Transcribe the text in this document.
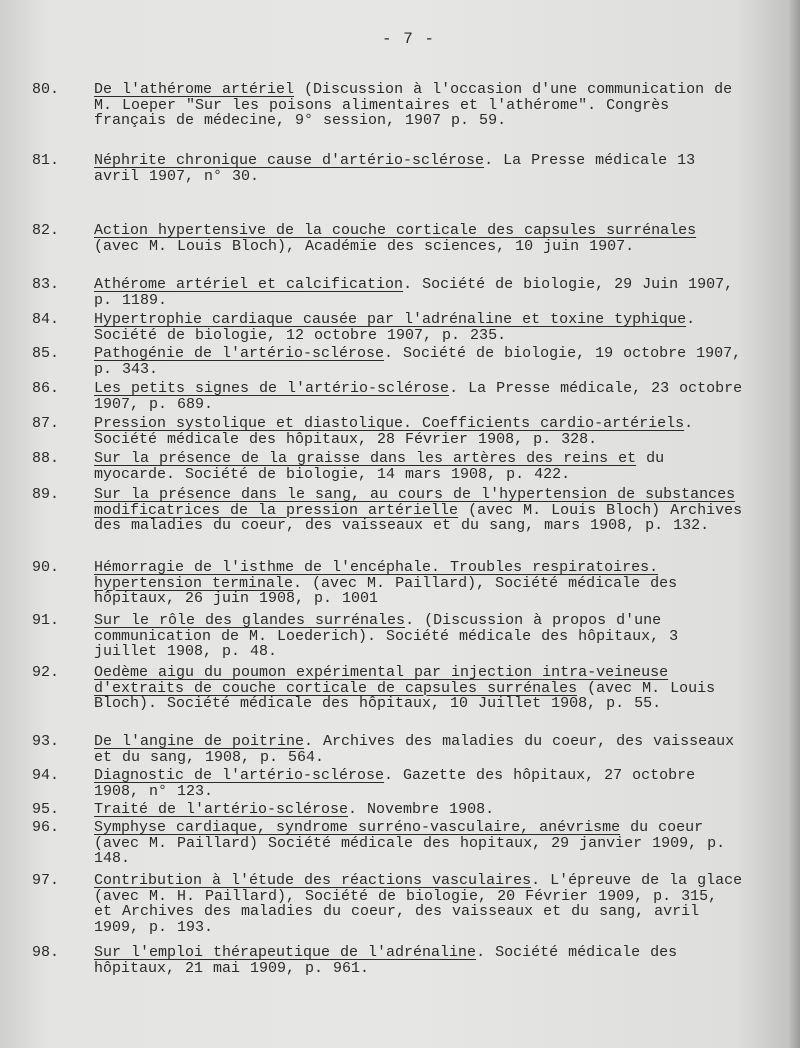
- 7 -
80.	De l'athérome artériel (Discussion à l'occasion d'une communication de M. Loeper "Sur les poisons alimentaires et l'athérome". Congrès français de médecine, 9° session, 1907 p. 59.
81.	Néphrite chronique cause d'artério-sclérose. La Presse médicale 13 avril 1907, n° 30.
82.	Action hypertensive de la couche corticale des capsules surrénales (avec M. Louis Bloch), Académie des sciences, 10 juin 1907.
83.	Athérome artériel et calcification. Société de biologie, 29 Juin 1907, p. 1189.
84.	Hypertrophie cardiaque causée par l'adrénaline et toxine typhique. Société de biologie, 12 octobre 1907, p. 235.
85.	Pathogénie de l'artério-sclérose. Société de biologie, 19 octobre 1907, p. 343.
86.	Les petits signes de l'artério-sclérose. La Presse médicale, 23 octobre 1907, p. 689.
87.	Pression systolique et diastolique. Coefficients cardio-artériels. Société médicale des hôpitaux, 28 Février 1908, p. 328.
88.	Sur la présence de la graisse dans les artères des reins et du myocarde. Société de biologie, 14 mars 1908, p. 422.
89.	Sur la présence dans le sang, au cours de l'hypertension de substances modificatrices de la pression artérielle (avec M. Louis Bloch) Archives des maladies du coeur, des vaisseaux et du sang, mars 1908, p. 132.
90.	Hémorragie de l'isthme de l'encéphale. Troubles respiratoires. hypertension terminale. (avec M. Paillard), Société médicale des hôpitaux, 26 juin 1908, p. 1001
91.	Sur le rôle des glandes surrénales. (Discussion à propos d'une communication de M. Loederich). Société médicale des hôpitaux, 3 juillet 1908, p. 48.
92.	Oedème aigu du poumon expérimental par injection intra-veineuse d'extraits de couche corticale de capsules surrénales (avec M. Louis Bloch). Société médicale des hôpitaux, 10 Juillet 1908, p. 55.
93.	De l'angine de poitrine. Archives des maladies du coeur, des vaisseaux et du sang, 1908, p. 564.
94.	Diagnostic de l'artério-sclérose. Gazette des hôpitaux, 27 octobre 1908, n° 123.
95.	Traité de l'artério-sclérose. Novembre 1908.
96.	Symphyse cardiaque, syndrome surréno-vasculaire, anévrisme du coeur (avec M. Paillard) Société médicale des hopitaux, 29 janvier 1909, p. 148.
97.	Contribution à l'étude des réactions vasculaires. L'épreuve de la glace (avec M. H. Paillard), Société de biologie, 20 Février 1909, p. 315, et Archives des maladies du coeur, des vaisseaux et du sang, avril 1909, p. 193.
98.	Sur l'emploi thérapeutique de l'adrénaline. Société médicale des hôpitaux, 21 mai 1909, p. 961.
